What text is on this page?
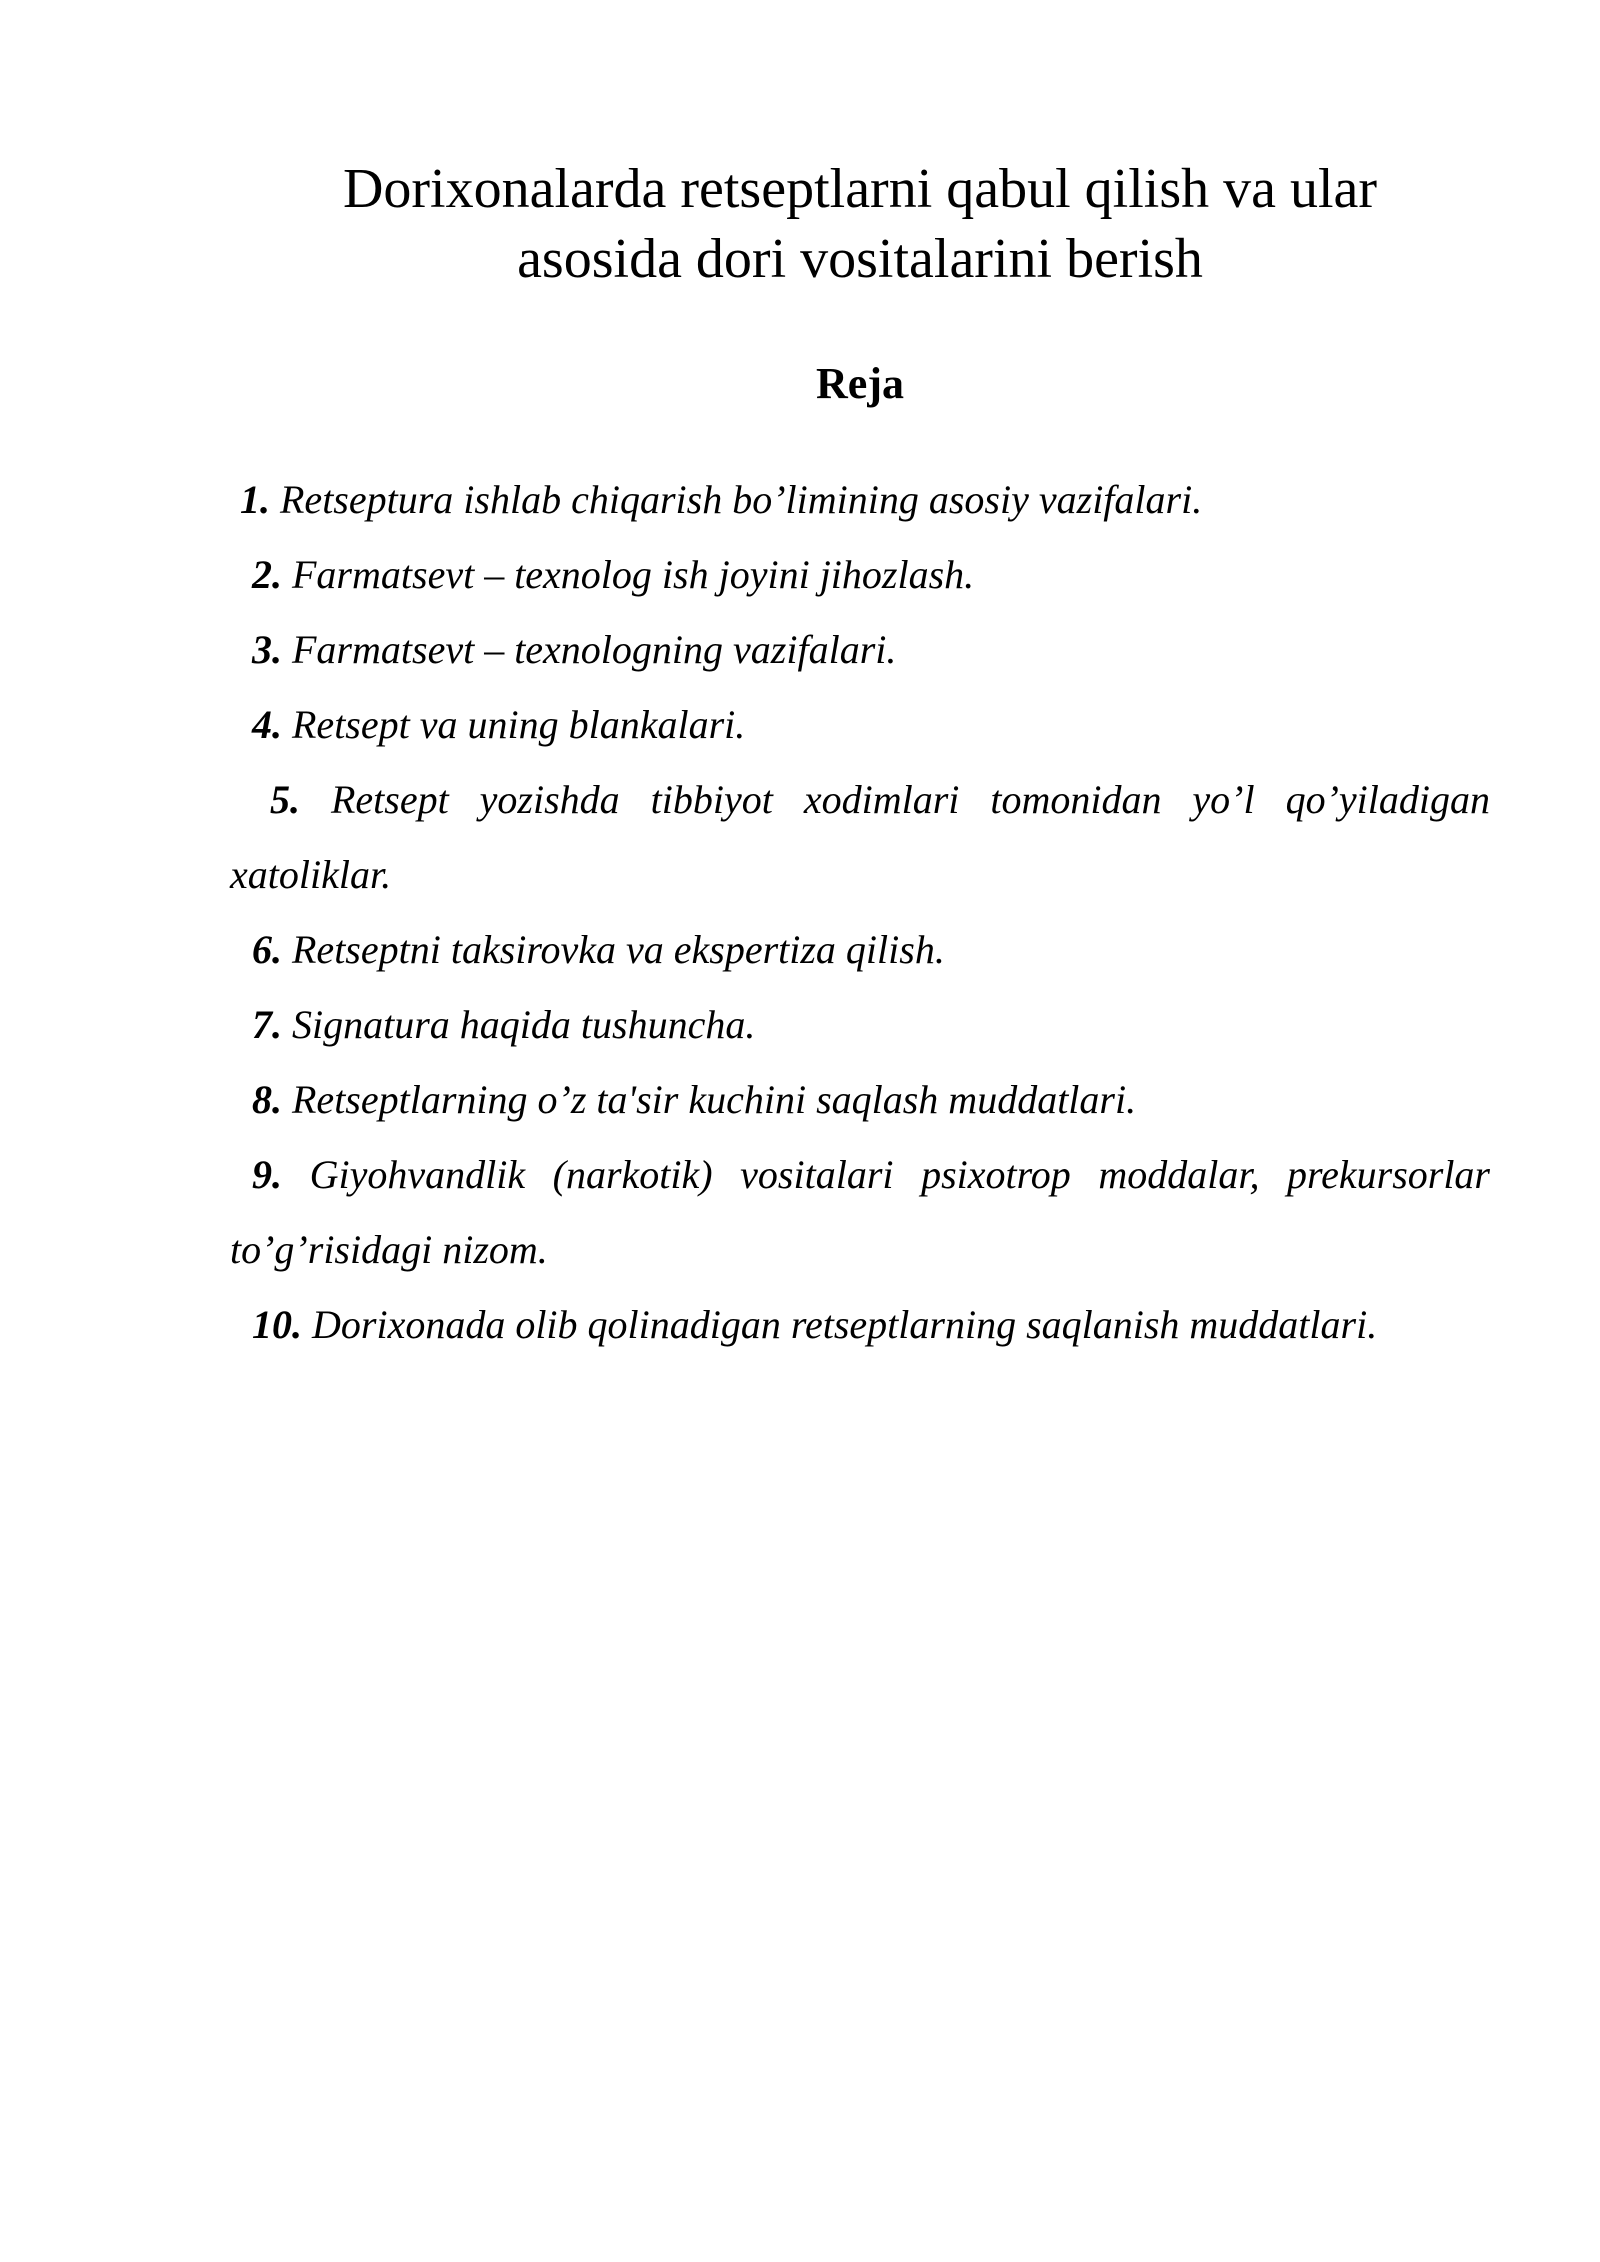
Dorixonalarda retseptlarni qabul qilish va ular
asosida dori vositalarini berish
Reja
1. Retseptura ishlab chiqarish bo’limining asosiy vazifalari.
2. Farmatsevt – texnolog ish joyini jihozlash.
3. Farmatsevt – texnologning vazifalari.
4. Retsept va uning blankalari.
5. Retsept yozishda tibbiyot xodimlari tomonidan yo’l qo’yiladigan xatoliklar.
6. Retseptni taksirovka va ekspertiza qilish.
7. Signatura haqida tushuncha.
8. Retseptlarning o’z ta'sir kuchini saqlash muddatlari.
9. Giyohvandlik (narkotik) vositalari psixotrop moddalar, prekursorlar to’g’risidagi nizom.
10. Dorixonada olib qolinadigan retseptlarning saqlanish muddatlari.
